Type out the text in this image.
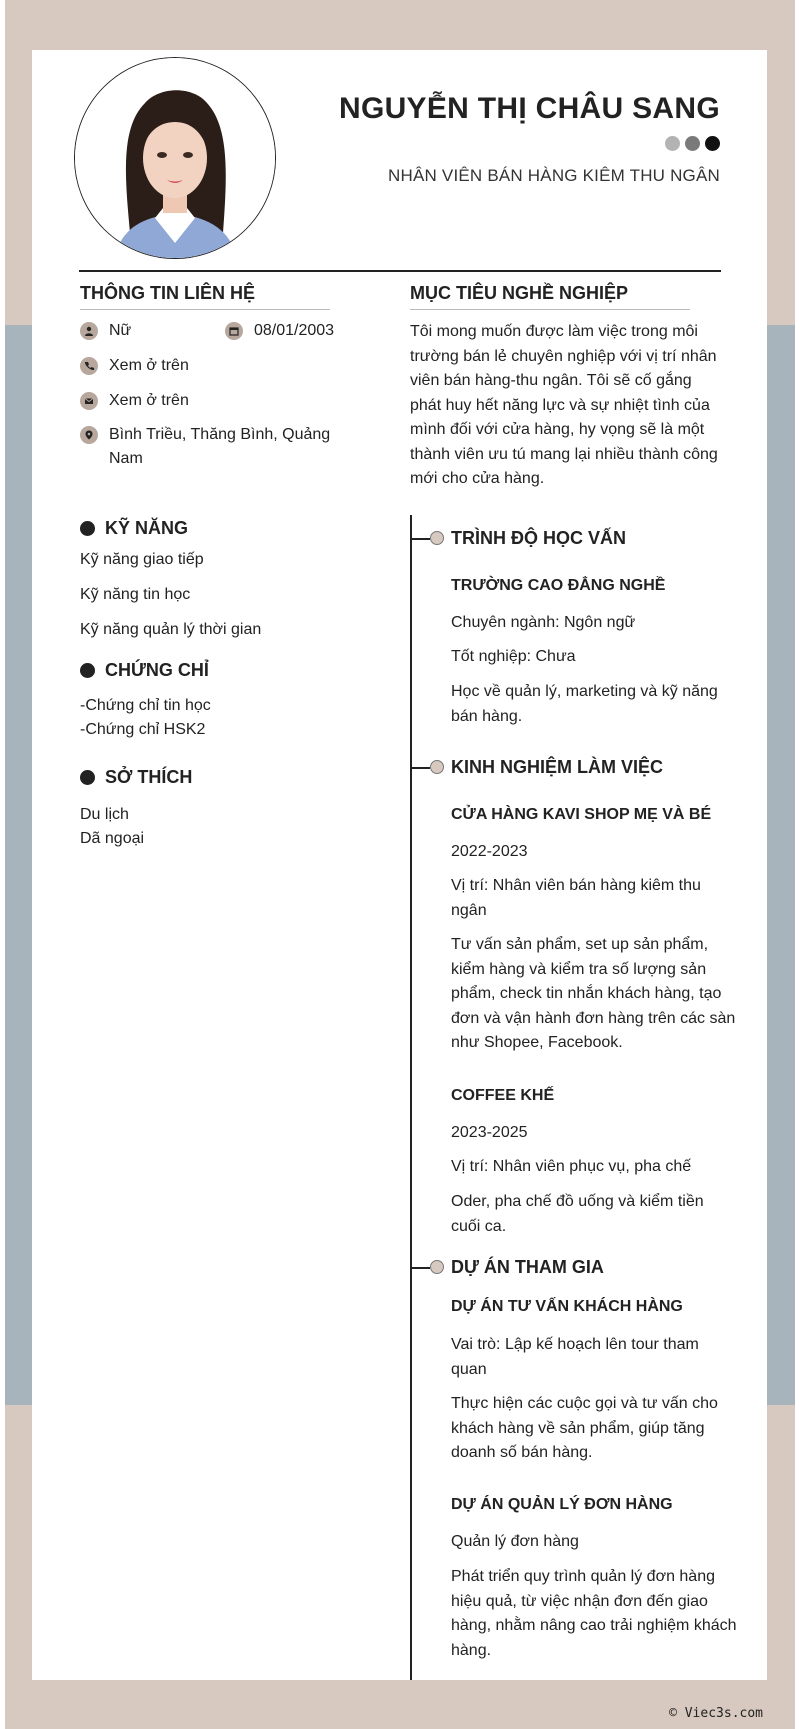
NGUYỄN THỊ CHÂU SANG
NHÂN VIÊN BÁN HÀNG KIÊM THU NGÂN
THÔNG TIN LIÊN HỆ
Nữ	08/01/2003
Xem ở trên
Xem ở trên
Bình Triều, Thăng Bình, Quảng Nam
MỤC TIÊU NGHỀ NGHIỆP
Tôi mong muốn được làm việc trong môi trường bán lẻ chuyên nghiệp với vị trí nhân viên bán hàng-thu ngân. Tôi sẽ cố gắng phát huy hết năng lực và sự nhiệt tình của mình đối với cửa hàng, hy vọng sẽ là một thành viên ưu tú mang lại nhiều thành công mới cho cửa hàng.
KỸ NĂNG
Kỹ năng giao tiếp
Kỹ năng tin học
Kỹ năng quản lý thời gian
CHỨNG CHỈ
-Chứng chỉ tin học
-Chứng chỉ HSK2
SỞ THÍCH
Du lịch
Dã ngoại
TRÌNH ĐỘ HỌC VẤN
TRƯỜNG CAO ĐẲNG NGHỀ
Chuyên ngành: Ngôn ngữ
Tốt nghiệp: Chưa
Học về quản lý, marketing và kỹ năng bán hàng.
KINH NGHIỆM LÀM VIỆC
CỬA HÀNG KAVI SHOP MẸ VÀ BÉ
2022-2023
Vị trí: Nhân viên bán hàng kiêm thu ngân
Tư vấn sản phẩm, set up sản phẩm, kiểm hàng và kiểm tra số lượng sản phẩm, check tin nhắn khách hàng, tạo đơn và vận hành đơn hàng trên các sàn như Shopee, Facebook.
COFFEE KHẾ
2023-2025
Vị trí: Nhân viên phục vụ, pha chế
Oder, pha chế đồ uống và kiểm tiền cuối ca.
DỰ ÁN THAM GIA
DỰ ÁN TƯ VẤN KHÁCH HÀNG
Vai trò: Lập kế hoạch lên tour tham quan
Thực hiện các cuộc gọi và tư vấn cho khách hàng về sản phẩm, giúp tăng doanh số bán hàng.
DỰ ÁN QUẢN LÝ ĐƠN HÀNG
Quản lý đơn hàng
Phát triển quy trình quản lý đơn hàng hiệu quả, từ việc nhận đơn đến giao hàng, nhằm nâng cao trải nghiệm khách hàng.
© Viec3s.com
